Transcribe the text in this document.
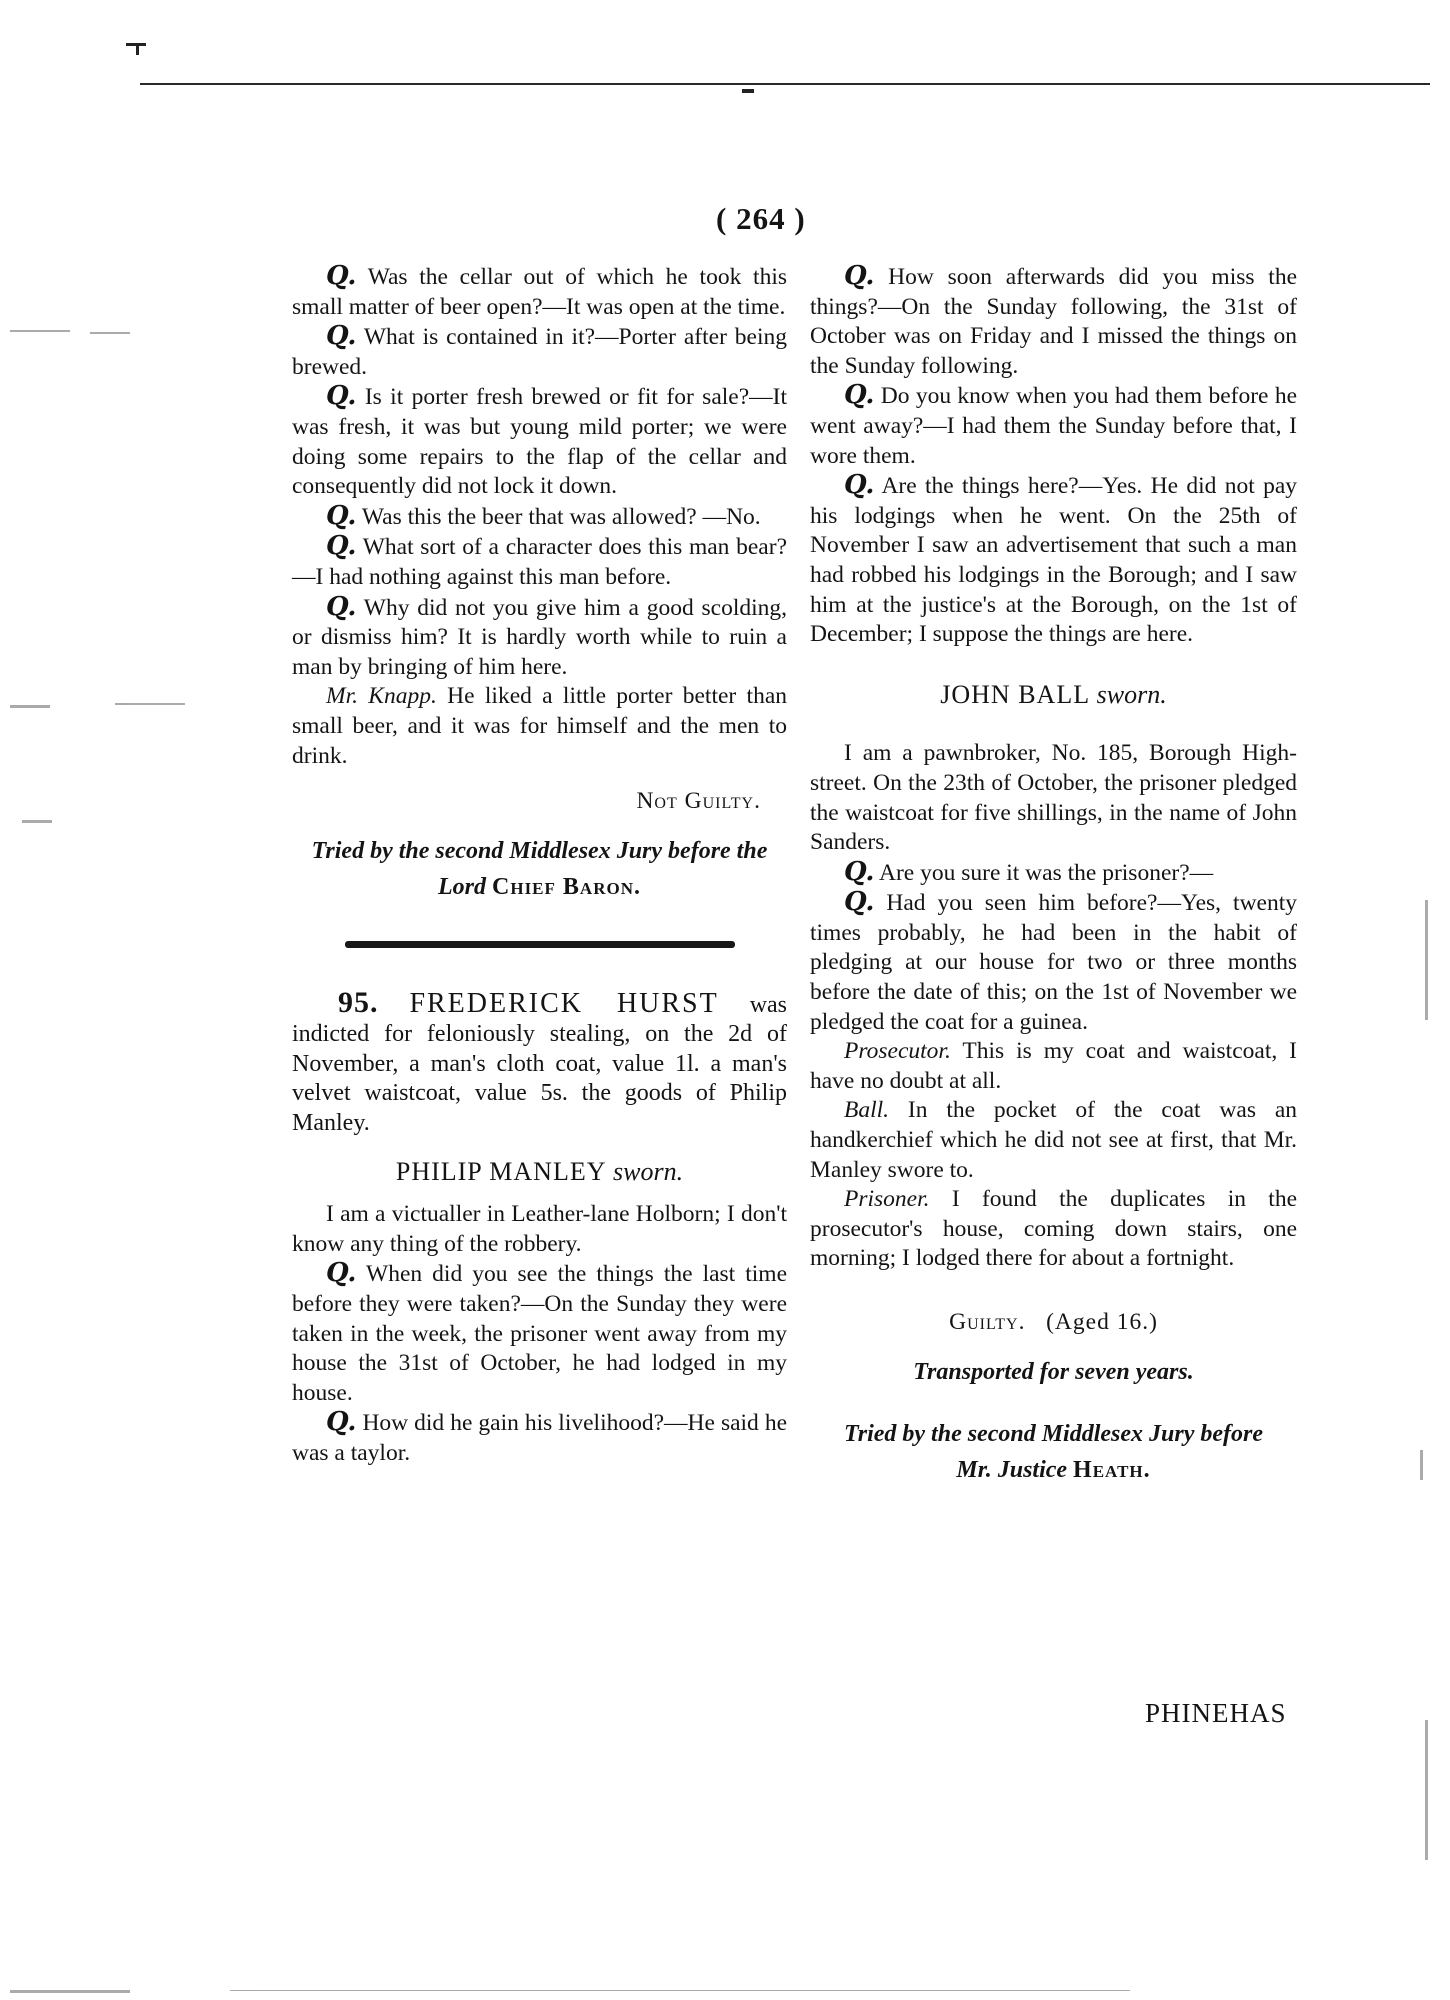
( 264 )

Q. Was the cellar out of which he took this small matter of beer open?—It was open at the time.

Q. What is contained in it?—Porter after being brewed.

Q. Is it porter fresh brewed or fit for sale?—It was fresh, it was but young mild porter; we were doing some repairs to the flap of the cellar and consequently did not lock it down.

Q. Was this the beer that was allowed? —No.

Q. What sort of a character does this man bear?—I had nothing against this man before.

Q. Why did not you give him a good scolding, or dismiss him? It is hardly worth while to ruin a man by bringing of him here.

Mr. Knapp. He liked a little porter better than small beer, and it was for himself and the men to drink.

Not Guilty.

Tried by the second Middlesex Jury before the
Lord Chief Baron.

95. FREDERICK HURST was indicted for feloniously stealing, on the 2d of November, a man's cloth coat, value 1l. a man's velvet waistcoat, value 5s. the goods of Philip Manley.

PHILIP MANLEY sworn.

I am a victualler in Leather-lane Holborn; I don't know any thing of the robbery.

Q. When did you see the things the last time before they were taken?—On the Sunday they were taken in the week, the prisoner went away from my house the 31st of October, he had lodged in my house.

Q. How did he gain his livelihood?—He said he was a taylor.

Q. How soon afterwards did you miss the things?—On the Sunday following, the 31st of October was on Friday and I missed the things on the Sunday following.

Q. Do you know when you had them before he went away?—I had them the Sunday before that, I wore them.

Q. Are the things here?—Yes. He did not pay his lodgings when he went. On the 25th of November I saw an advertisement that such a man had robbed his lodgings in the Borough; and I saw him at the justice's at the Borough, on the 1st of December; I suppose the things are here.

JOHN BALL sworn.

I am a pawnbroker, No. 185, Borough High-street. On the 23th of October, the prisoner pledged the waistcoat for five shillings, in the name of John Sanders.

Q. Are you sure it was the prisoner?—

Q. Had you seen him before?—Yes, twenty times probably, he had been in the habit of pledging at our house for two or three months before the date of this; on the 1st of November we pledged the coat for a guinea.

Prosecutor. This is my coat and waistcoat, I have no doubt at all.

Ball. In the pocket of the coat was an handkerchief which he did not see at first, that Mr. Manley swore to.

Prisoner. I found the duplicates in the prosecutor's house, coming down stairs, one morning; I lodged there for about a fortnight.

Guilty. (Aged 16.)

Transported for seven years.

Tried by the second Middlesex Jury before
Mr. Justice Heath.

PHINEHAS
